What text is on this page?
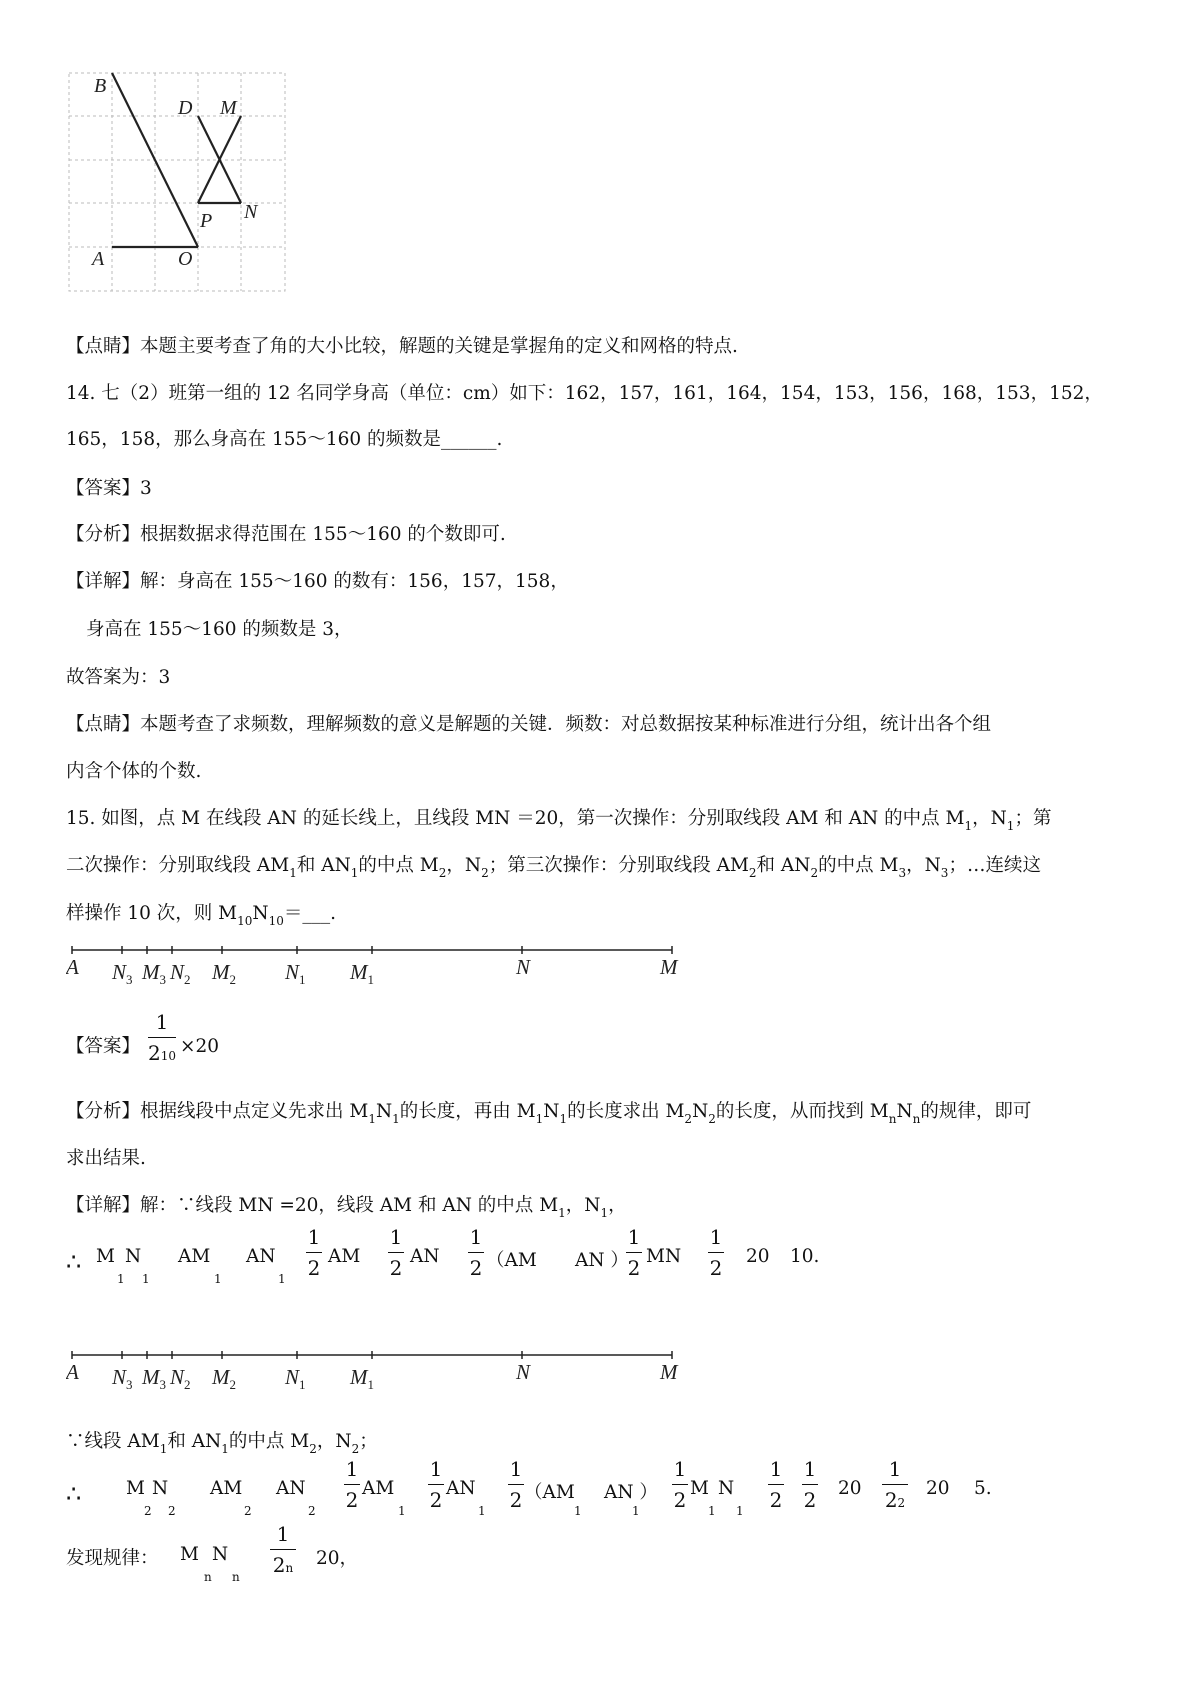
B
D M
P N
A	O
【点睛】本题主要考查了角的大小比较，解题的关键是掌握角的定义和网格的特点.
14. 七（2）班第一组的 12 名同学身高（单位：cm）如下：162，157，161，164，154，153，156，168，153，152，
165，158，那么身高在 155～160 的频数是______.
【答案】3
【分析】根据数据求得范围在 155～160 的个数即可.
【详解】解：身高在 155～160 的数有：156，157，158，
身高在 155～160 的频数是 3，
故答案为：3
【点睛】本题考查了求频数，理解频数的意义是解题的关键．频数：对总数据按某种标准进行分组，统计出各个组
内含个体的个数.
15. 如图，点 M 在线段 AN 的延长线上，且线段 MN ＝20，第一次操作：分别取线段 AM 和 AN 的中点 $M_1$，$N_1$；第
二次操作：分别取线段 $AM_1$和 $AN_1$的中点 $M_2$，$N_2$；第三次操作：分别取线段 $AM_2$和 $AN_2$的中点 $M_3$，$N_3$；…连续这
样操作 10 次，则 $M_{10}N_{10}=\_\_\_$.
A $N_3$ $M_3$ $N_2$ $M_2$ $N_1$ $M_1$
N	M
【答案】
1
210 ×20
【分析】根据线段中点定义先求出 $M_1N_1$的长度，再由 $M_1N_1$的长度求出 $M_2N_2$的长度，从而找到 $M_nN_n$的规律，即可
求出结果.
【详解】解：∵线段 MN =20，线段 AM 和 AN 的中点 $M_1$，$N_1$，
∴ M
1
N
1
AM
1
AN
1
1
2 AM
1
2 AN
1
2 （AM AN ）
1
2 MN
1
2 20 10.
A $N_3$ $M_3$ $N_2$ $M_2$ $N_1$ $M_1$
N	M
∵线段 $AM_1$和 $AN_1$的中点 $M_2$，$N_2$；
∴ M
2
N
2
AM
2
AN
2
1
2 AM
1
1
2 AN
1
1
2 （AM
1
AN ）
1
1
2 M
1
N
1
1
2
1
2 20
1
22
20 5.
发现规律： M
n
N
n
1
2n 20，
